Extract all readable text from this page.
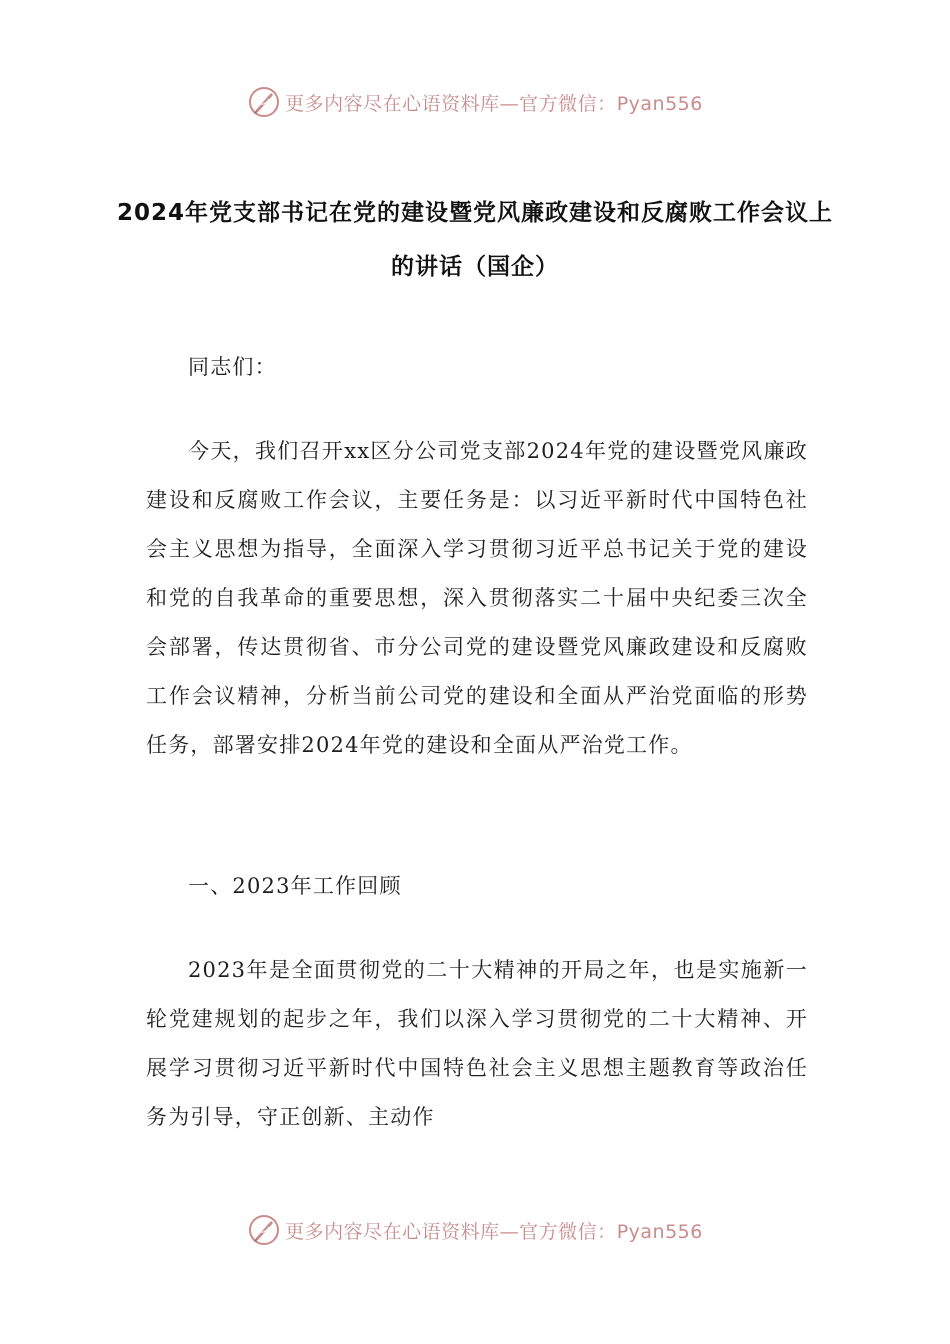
更多内容尽在心语资料库—官方微信：Pyan556
2024年党支部书记在党的建设暨党风廉政建设和反腐败工作会议上的讲话（国企）
同志们：
今天，我们召开xx区分公司党支部2024年党的建设暨党风廉政建设和反腐败工作会议，主要任务是：以习近平新时代中国特色社会主义思想为指导，全面深入学习贯彻习近平总书记关于党的建设和党的自我革命的重要思想，深入贯彻落实二十届中央纪委三次全会部署，传达贯彻省、市分公司党的建设暨党风廉政建设和反腐败工作会议精神，分析当前公司党的建设和全面从严治党面临的形势任务，部署安排2024年党的建设和全面从严治党工作。
一、2023年工作回顾
2023年是全面贯彻党的二十大精神的开局之年，也是实施新一轮党建规划的起步之年，我们以深入学习贯彻党的二十大精神、开展学习贯彻习近平新时代中国特色社会主义思想主题教育等政治任务为引导，守正创新、主动作
更多内容尽在心语资料库—官方微信：Pyan556
